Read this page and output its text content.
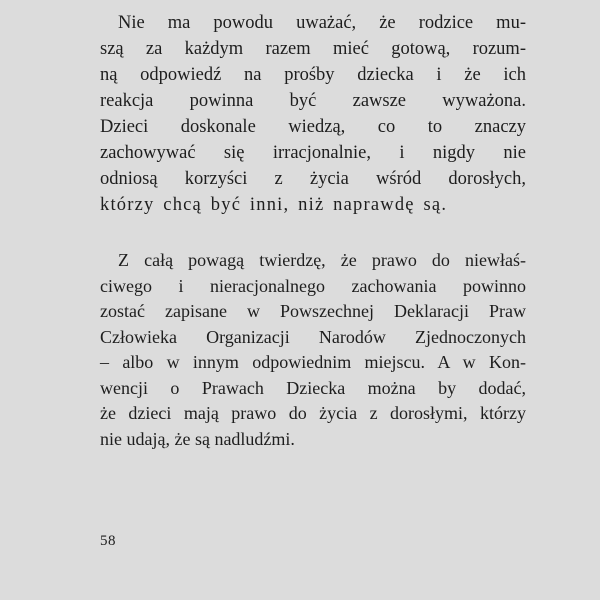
Nie ma powodu uważać, że rodzice mu-
szą za każdym razem mieć gotową, rozum-
ną odpowiedź na prośby dziecka i że ich
reakcja powinna być zawsze wyważona.
Dzieci doskonale wiedzą, co to znaczy
zachowywać się irracjonalnie, i nigdy nie
odniosą korzyści z życia wśród dorosłych,
którzy chcą być inni, niż naprawdę są.
Z całą powagą twierdzę, że prawo do niewłaś-
ciwego i nieracjonalnego zachowania powinno
zostać zapisane w Powszechnej Deklaracji Praw
Człowieka Organizacji Narodów Zjednoczonych
– albo w innym odpowiednim miejscu. A w Kon-
wencji o Prawach Dziecka można by dodać,
że dzieci mają prawo do życia z dorosłymi, którzy
nie udają, że są nadludźmi.
58
